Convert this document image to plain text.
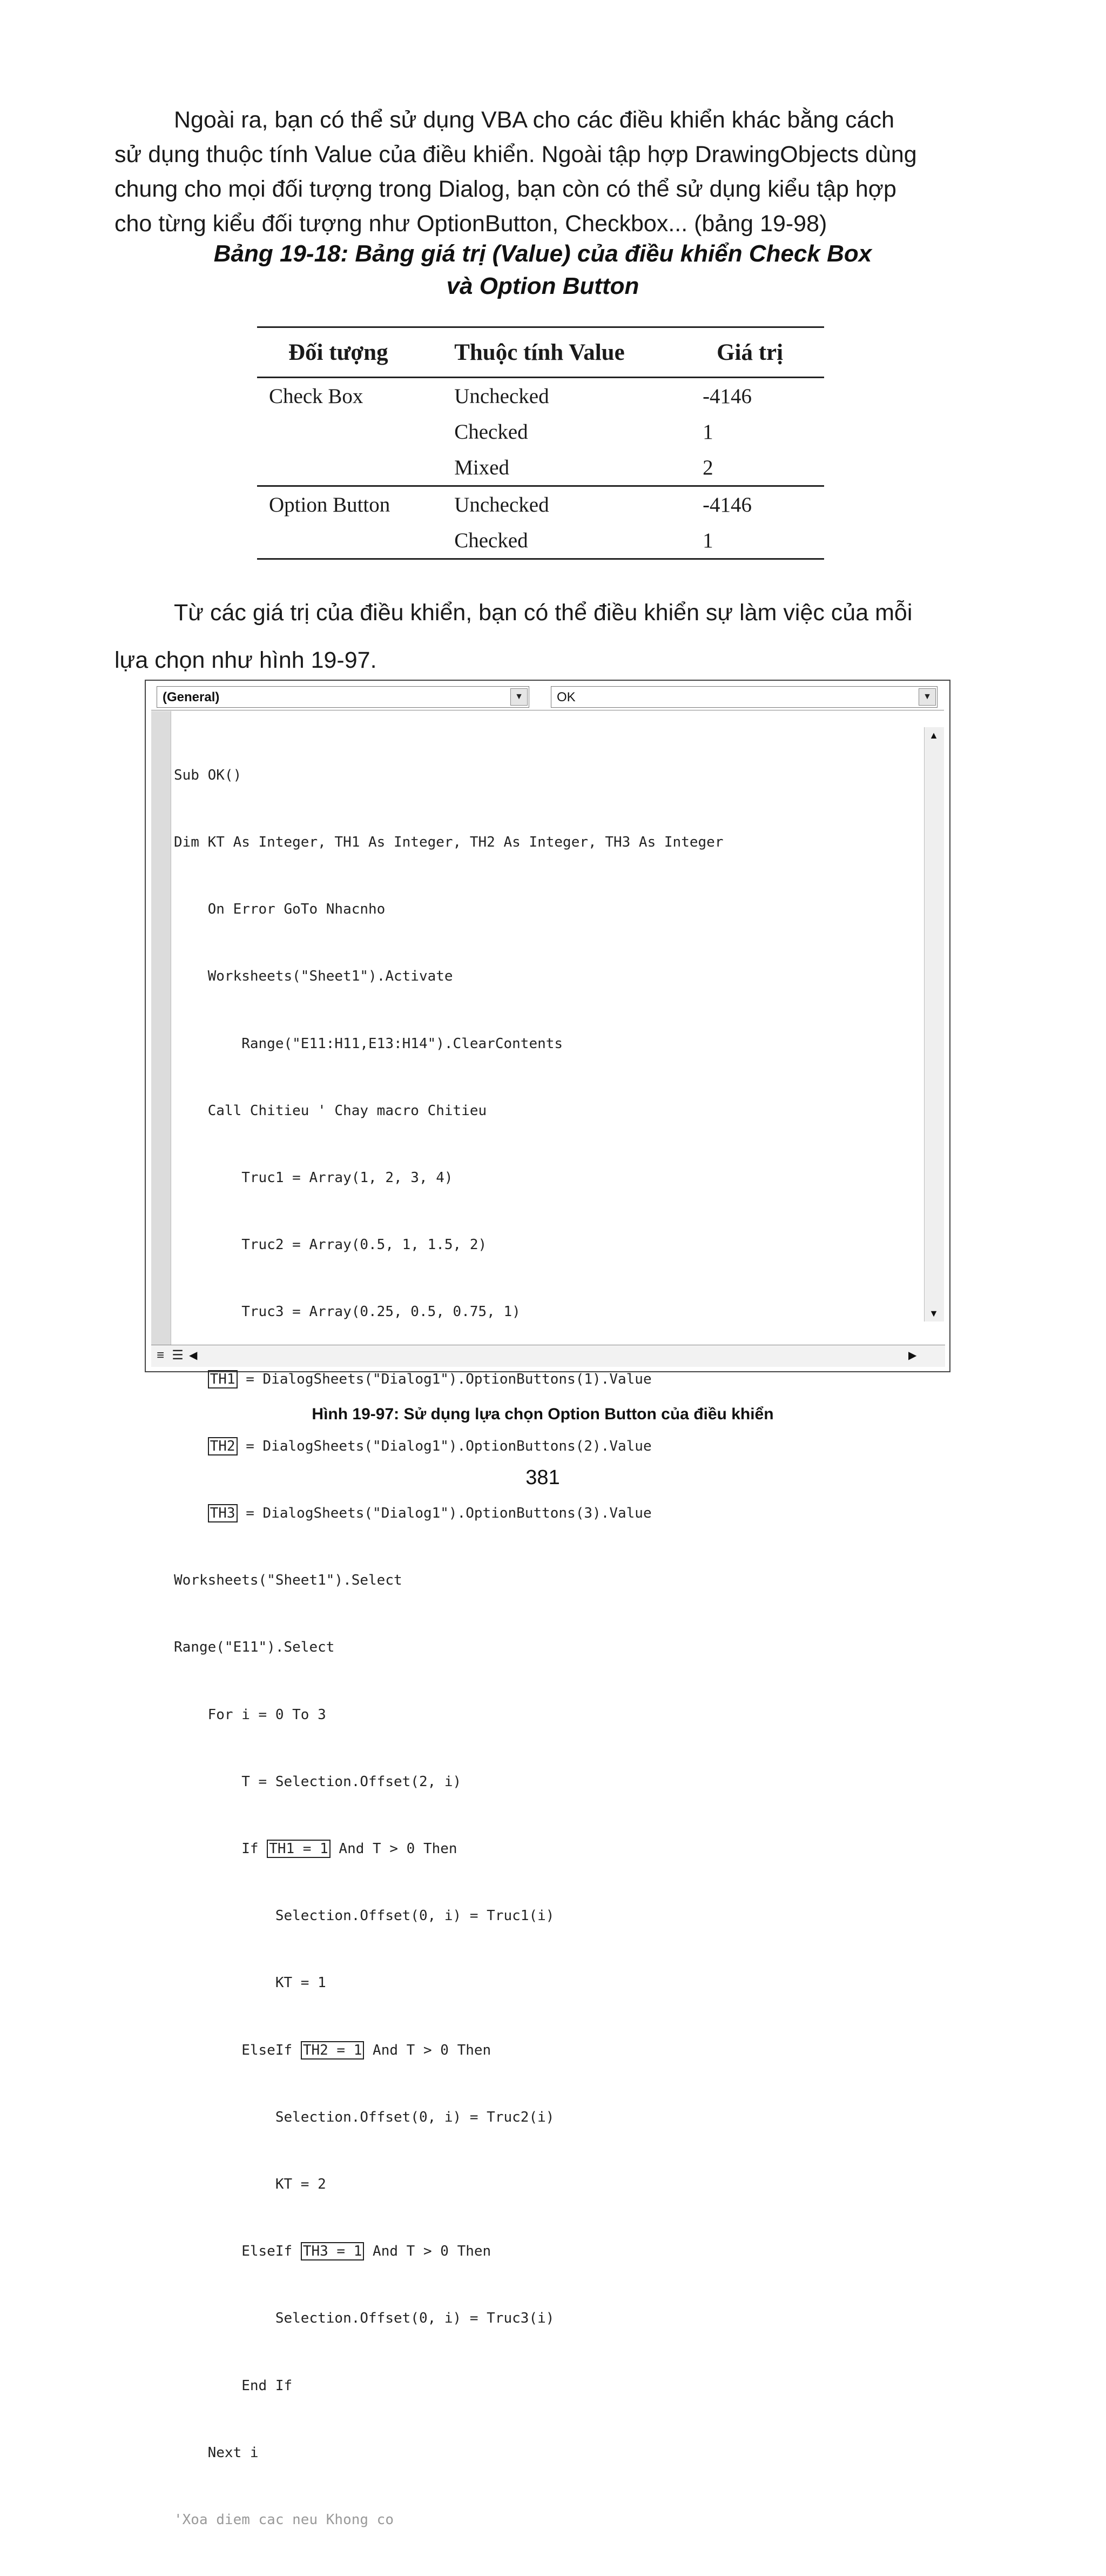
Ngoài ra, bạn có thể sử dụng VBA cho các điều khiển khác bằng cách
sử dụng thuộc tính Value của điều khiển. Ngoài tập hợp DrawingObjects dùng
chung cho mọi đối tượng trong Dialog, bạn còn có thể sử dụng kiểu tập hợp
cho từng kiểu đối tượng như OptionButton, Checkbox... (bảng 19-98)
Bảng 19-18: Bảng giá trị (Value) của điều khiển Check Box
và Option Button
Đối tượng	Thuộc tính Value	Giá trị
Check Box	Unchecked	-4146
	Checked	1
	Mixed	2
Option Button	Unchecked	-4146
	Checked	1
Từ các giá trị của điều khiển, bạn có thể điều khiển sự làm việc của mỗi
lựa chọn như hình 19-97.
(General)	▼	OK	▼

Sub OK()

Dim KT As Integer, TH1 As Integer, TH2 As Integer, TH3 As Integer

On Error GoTo Nhacnho

Worksheets("Sheet1").Activate

Range("E11:H11,E13:H14").ClearContents

Call Chitieu ' Chay macro Chitieu

Truc1 = Array(1, 2, 3, 4)

Truc2 = Array(0.5, 1, 1.5, 2)

Truc3 = Array(0.25, 0.5, 0.75, 1)

TH1 = DialogSheets("Dialog1").OptionButtons(1).Value

TH2 = DialogSheets("Dialog1").OptionButtons(2).Value

TH3 = DialogSheets("Dialog1").OptionButtons(3).Value

Worksheets("Sheet1").Select

Range("E11").Select

For i = 0 To 3

T = Selection.Offset(2, i)

If TH1 = 1 And T > 0 Then

Selection.Offset(0, i) = Truc1(i)

KT = 1

ElseIf TH2 = 1 And T > 0 Then

Selection.Offset(0, i) = Truc2(i)

KT = 2

ElseIf TH3 = 1 And T > 0 Then

Selection.Offset(0, i) = Truc3(i)

End If

Next i

'Xoa diem cac neu Khong co

▲
▼
≡ ☰ ◀	▶
Hình 19-97: Sử dụng lựa chọn Option Button của điều khiển
381
